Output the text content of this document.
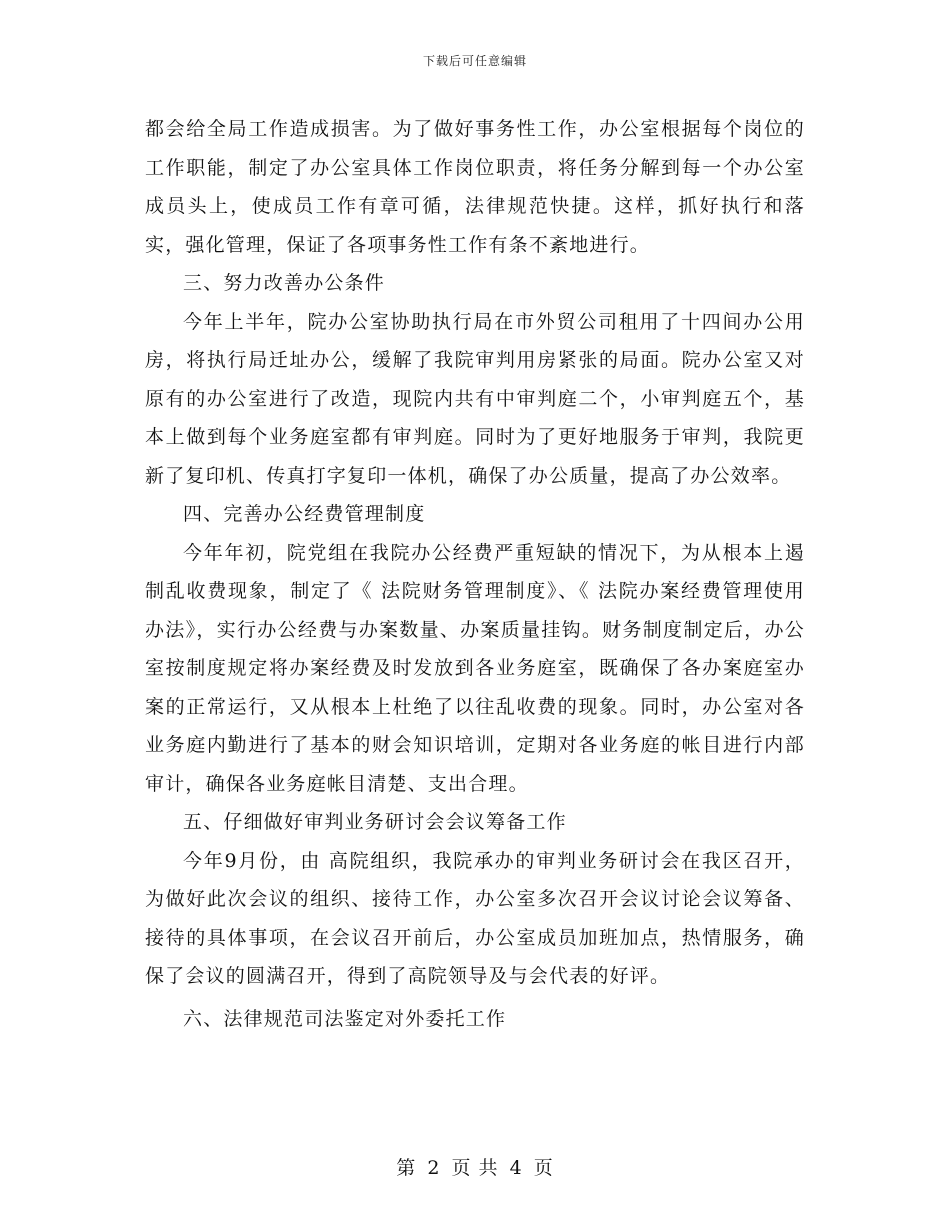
下载后可任意编辑

都会给全局工作造成损害。为了做好事务性工作，办公室根据每个岗位的工作职能，制定了办公室具体工作岗位职责，将任务分解到每一个办公室成员头上，使成员工作有章可循，法律规范快捷。这样，抓好执行和落实，强化管理，保证了各项事务性工作有条不紊地进行。

三、努力改善办公条件

今年上半年，院办公室协助执行局在市外贸公司租用了十四间办公用房，将执行局迁址办公，缓解了我院审判用房紧张的局面。院办公室又对原有的办公室进行了改造，现院内共有中审判庭二个，小审判庭五个，基本上做到每个业务庭室都有审判庭。同时为了更好地服务于审判，我院更新了复印机、传真打字复印一体机，确保了办公质量，提高了办公效率。

四、完善办公经费管理制度

今年年初，院党组在我院办公经费严重短缺的情况下，为从根本上遏制乱收费现象，制定了《 法院财务管理制度》、《 法院办案经费管理使用办法》，实行办公经费与办案数量、办案质量挂钩。财务制度制定后，办公室按制度规定将办案经费及时发放到各业务庭室，既确保了各办案庭室办案的正常运行，又从根本上杜绝了以往乱收费的现象。同时，办公室对各业务庭内勤进行了基本的财会知识培训，定期对各业务庭的帐目进行内部审计，确保各业务庭帐目清楚、支出合理。

五、仔细做好审判业务研讨会会议筹备工作

今年9月份，由 高院组织，我院承办的审判业务研讨会在我区召开，为做好此次会议的组织、接待工作，办公室多次召开会议讨论会议筹备、接待的具体事项，在会议召开前后，办公室成员加班加点，热情服务，确保了会议的圆满召开，得到了高院领导及与会代表的好评。

六、法律规范司法鉴定对外委托工作

第 2 页 共 4 页
